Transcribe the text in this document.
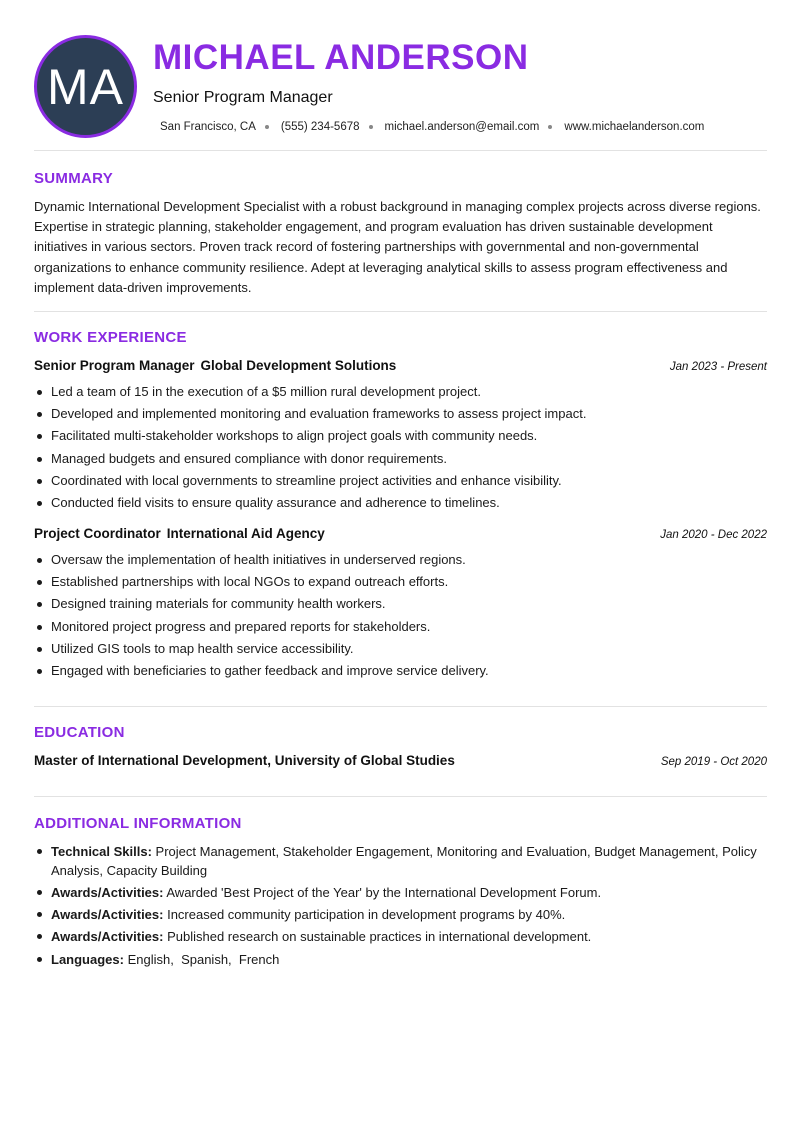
MA
MICHAEL ANDERSON
Senior Program Manager
San Francisco, CA (555) 234-5678 michael.anderson@email.com www.michaelanderson.com
SUMMARY
Dynamic International Development Specialist with a robust background in managing complex projects across diverse regions. Expertise in strategic planning, stakeholder engagement, and program evaluation has driven sustainable development initiatives in various sectors. Proven track record of fostering partnerships with governmental and non-governmental organizations to enhance community resilience. Adept at leveraging analytical skills to assess program effectiveness and implement data-driven improvements.
WORK EXPERIENCE
Senior Program Manager Global Development Solutions	Jan 2023 - Present
Led a team of 15 in the execution of a $5 million rural development project.
Developed and implemented monitoring and evaluation frameworks to assess project impact.
Facilitated multi-stakeholder workshops to align project goals with community needs.
Managed budgets and ensured compliance with donor requirements.
Coordinated with local governments to streamline project activities and enhance visibility.
Conducted field visits to ensure quality assurance and adherence to timelines.
Project Coordinator International Aid Agency	Jan 2020 - Dec 2022
Oversaw the implementation of health initiatives in underserved regions.
Established partnerships with local NGOs to expand outreach efforts.
Designed training materials for community health workers.
Monitored project progress and prepared reports for stakeholders.
Utilized GIS tools to map health service accessibility.
Engaged with beneficiaries to gather feedback and improve service delivery.
EDUCATION
Master of International Development, University of Global Studies	Sep 2019 - Oct 2020
ADDITIONAL INFORMATION
Technical Skills: Project Management, Stakeholder Engagement, Monitoring and Evaluation, Budget Management, Policy Analysis, Capacity Building
Awards/Activities: Awarded 'Best Project of the Year' by the International Development Forum.
Awards/Activities: Increased community participation in development programs by 40%.
Awards/Activities: Published research on sustainable practices in international development.
Languages: English,  Spanish,  French
